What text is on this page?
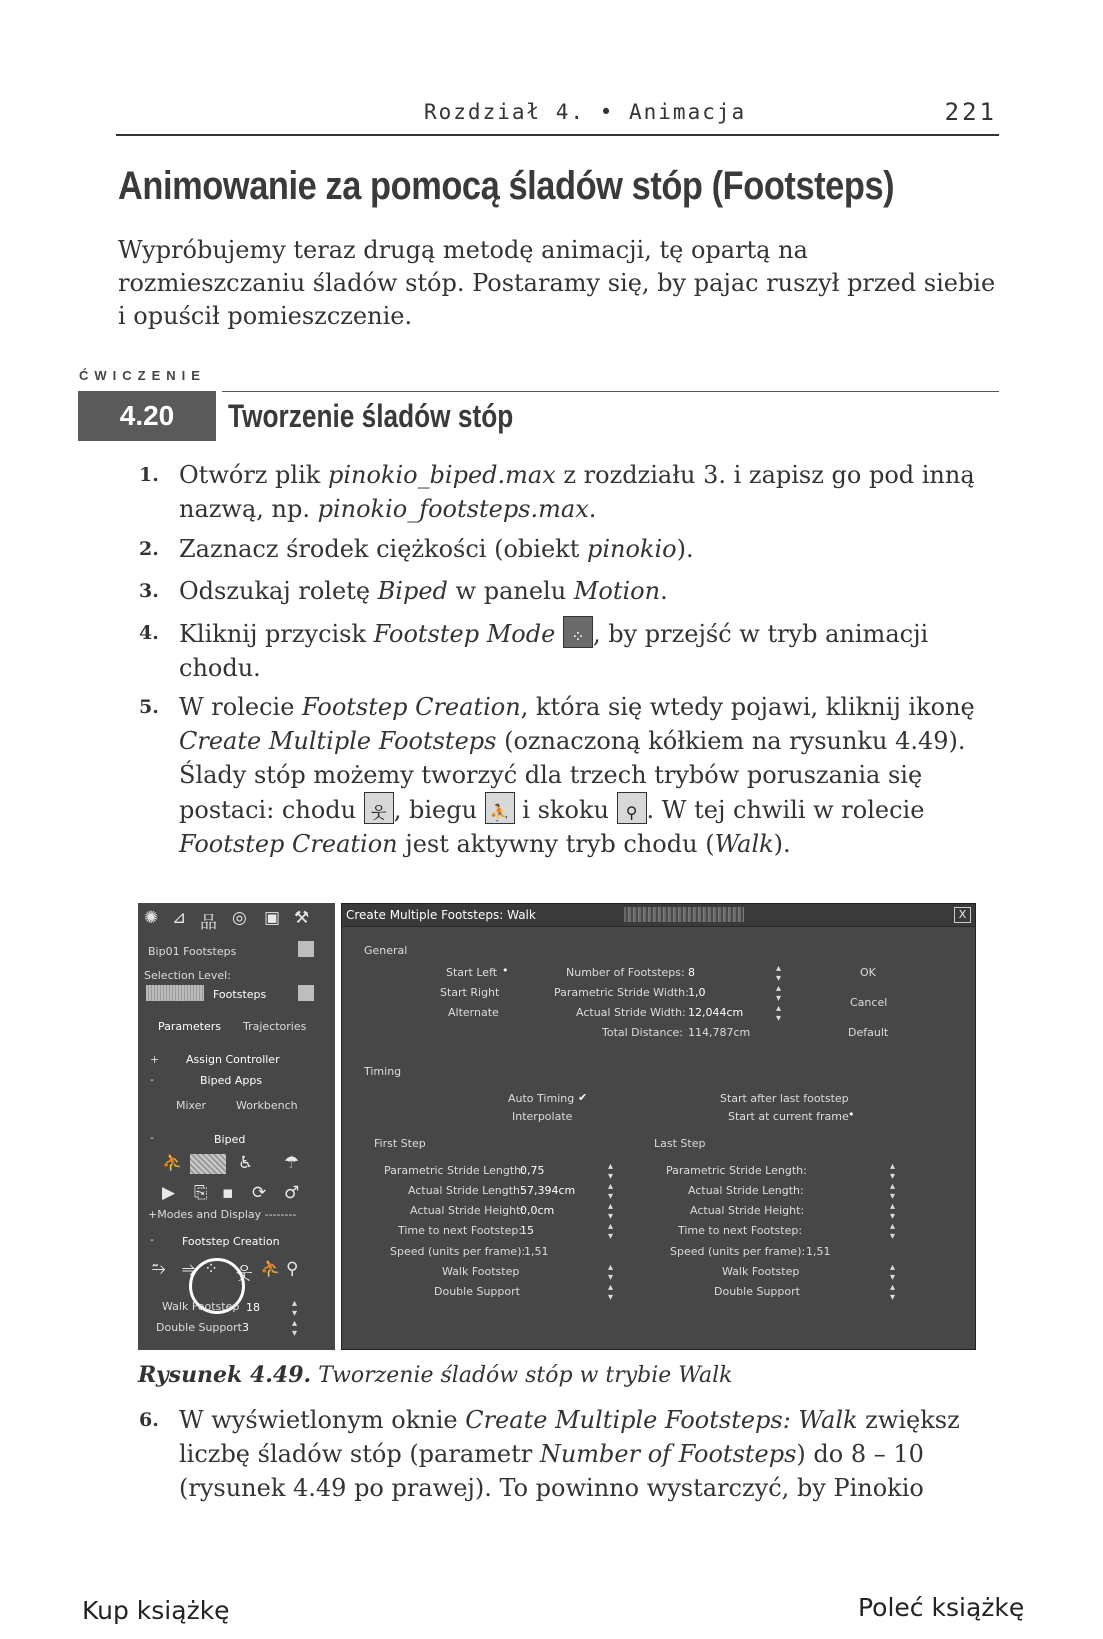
Rozdział 4. • Animacja	221
Animowanie za pomocą śladów stóp (Footsteps)
Wypróbujemy teraz drugą metodę animacji, tę opartą na rozmieszczaniu śladów stóp. Postaramy się, by pajac ruszył przed siebie i opuścił pomieszczenie.
ĆWICZENIE
4.20	Tworzenie śladów stóp
1. Otwórz plik pinokio_biped.max z rozdziału 3. i zapisz go pod inną nazwą, np. pinokio_footsteps.max.
2. Zaznacz środek ciężkości (obiekt pinokio).
3. Odszukaj roletę Biped w panelu Motion.
4. Kliknij przycisk Footstep Mode ⁘ , by przejść w tryb animacji chodu.
5. W rolecie Footstep Creation, która się wtedy pojawi, kliknij ikonę Create Multiple Footsteps (oznaczoną kółkiem na rysunku 4.49). Ślady stóp możemy tworzyć dla trzech trybów poruszania się postaci: chodu 웃 , biegu ⛹ i skoku ⚲ . W tej chwili w rolecie Footstep Creation jest aktywny tryb chodu (Walk).
✺ ⊿ 品 ◎ ▣ ⚒
Bip01 Footsteps
Selection Level:
Footsteps
Parameters Trajectories
+ Assign Controller
-	Biped Apps
Mixer	Workbench
-	Biped
⛹	♿ ☂
▶ ⎘ ▪ ⟳ ♂
+Modes and Display --------
-	Footstep Creation
⥲ ⥤ ⁘ 웃 ⛹ ⚲
Walk Footstep 18	▴
▾
Double Support 3	▴
▾
Create Multiple Footsteps: Walk	X
General
Start Left •
Start Right
Alternate
Number of Footsteps: 8	▴
▾
Parametric Stride Width: 1,0	▴
▾
Actual Stride Width: 12,044cm	▴
▾
Total Distance: 114,787cm
OK
Cancel
Default
Timing
Auto Timing ✔
Interpolate
Start after last footstep
Start at current frame •
First Step	Last Step
Parametric Stride Length:
0,75	▴
▾
Actual Stride Length:
57,394cm	▴
▾
Actual Stride Height:
0,0cm	▴
▾
Time to next Footstep:
15	▴
▾
Speed (units per frame):
1,51
Walk Footstep	▴
▾
Double Support	▴
▾
Parametric Stride Length:	▴
▾
Actual Stride Length:	▴
▾
Actual Stride Height:	▴
▾
Time to next Footstep:	▴
▾
Speed (units per frame): 1,51
Walk Footstep	▴
▾
Double Support	▴
▾
Rysunek 4.49. Tworzenie śladów stóp w trybie Walk
6. W wyświetlonym oknie Create Multiple Footsteps: Walk zwiększ liczbę śladów stóp (parametr Number of Footsteps) do 8 – 10 (rysunek 4.49 po prawej). To powinno wystarczyć, by Pinokio
Kup książkę	Poleć książkę
